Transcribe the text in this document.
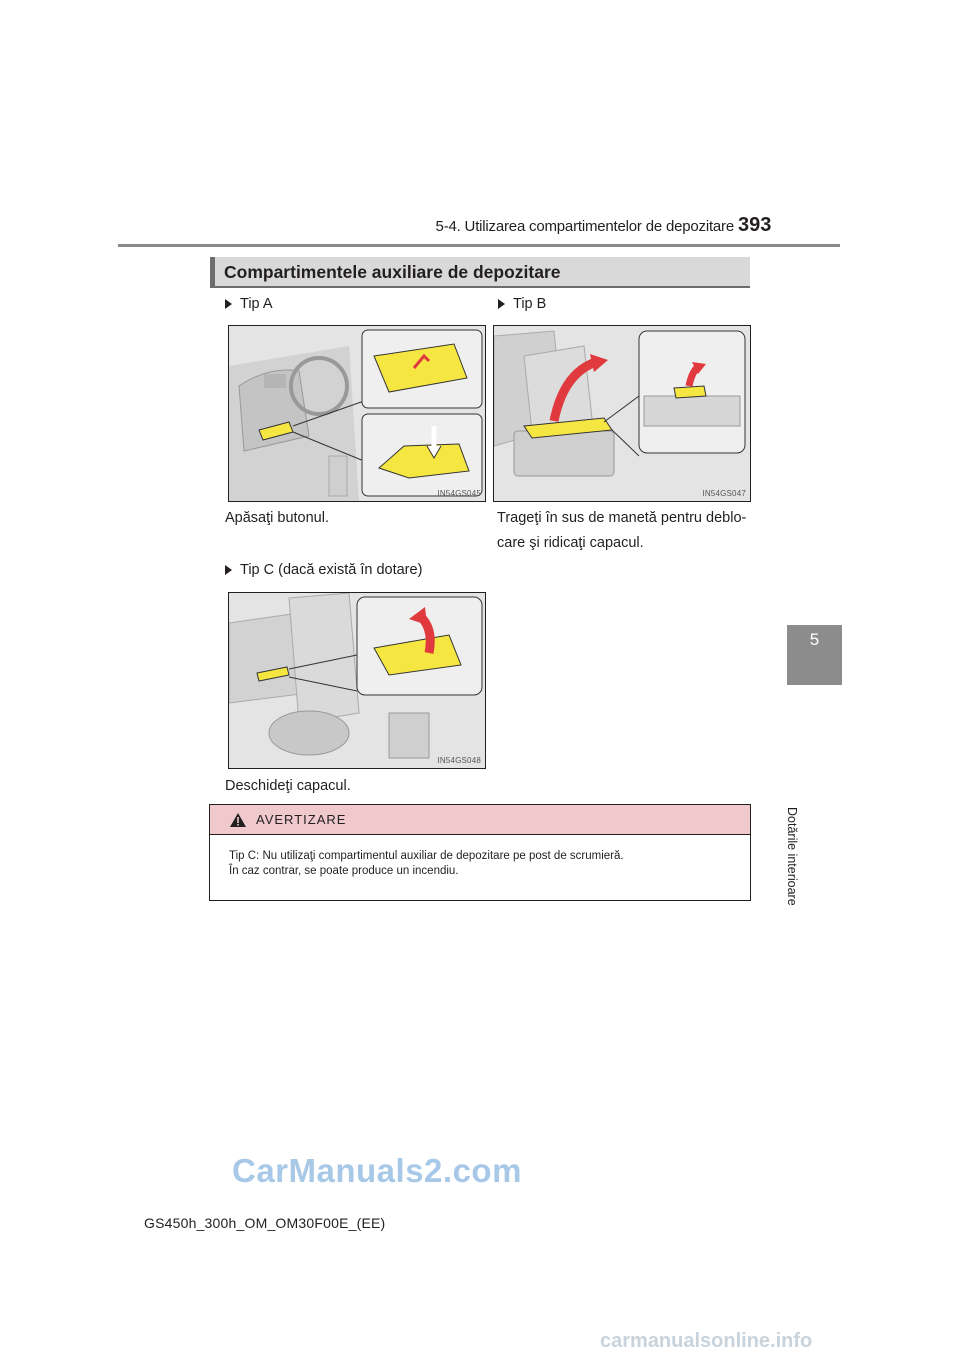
5-4. Utilizarea compartimentelor de depozitare 393
5
Dotările interioare
Compartimentele auxiliare de depozitare
Tip A
IN54GS045
Apăsaţi butonul.
Tip B
IN54GS047
Trageţi în sus de manetă pentru deblo-
care şi ridicaţi capacul.
Tip C (dacă există în dotare)
IN54GS048
Deschideţi capacul.
AVERTIZARE
Tip C: Nu utilizaţi compartimentul auxiliar de depozitare pe post de scrumieră.
În caz contrar, se poate produce un incendiu.
CarManuals2.com
GS450h_300h_OM_OM30F00E_(EE)
carmanualsonline.info
